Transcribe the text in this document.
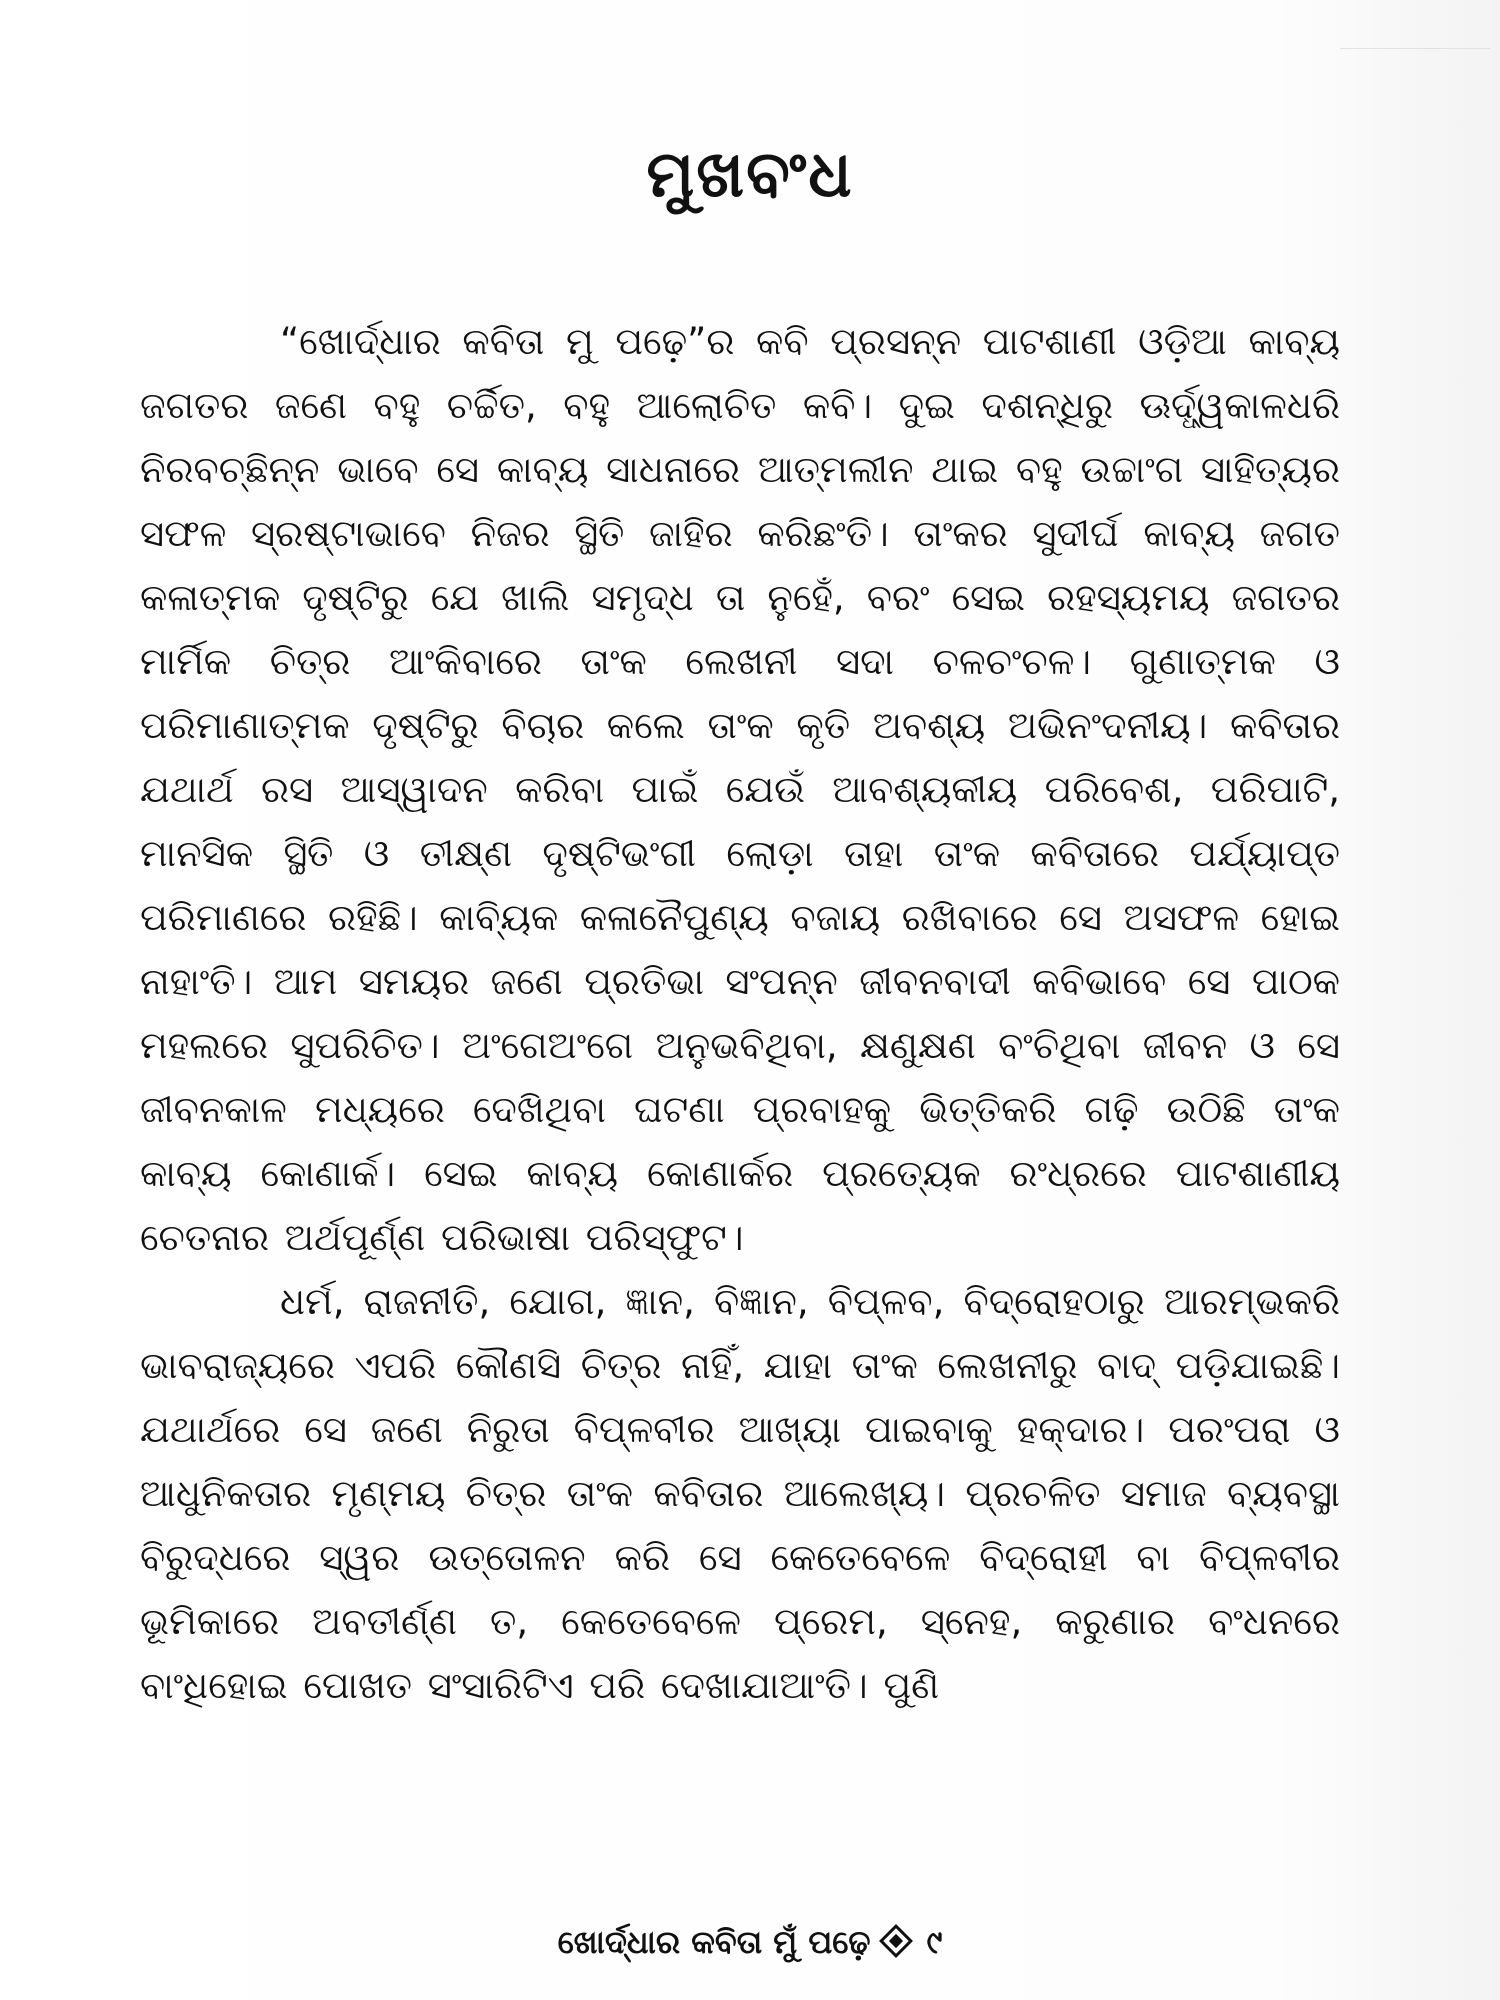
ମୁଖବଂଧ

“ଖୋର୍ଦ୍ଧାର କବିତା ମୁ ପଢ଼େ”ର କବି ପ୍ରସନ୍ନ ପାଟଶାଣୀ ଓଡ଼ିଆ କାବ୍ୟ ଜଗତର ଜଣେ ବହୁ ଚର୍ଚ୍ଚିତ, ବହୁ ଆଲୋଚିତ କବି। ଦୁଇ ଦଶନ୍ଧିରୁ ଊର୍ଦ୍ଧ୍ୱକାଳଧରି ନିରବଚ୍ଛିନ୍ନ ଭାବେ ସେ କାବ୍ୟ ସାଧନାରେ ଆତ୍ମଲୀନ ଥାଇ ବହୁ ଉଚ୍ଚାଂଗ ସାହିତ୍ୟର ସଫଳ ସ୍ରଷ୍ଟାଭାବେ ନିଜର ସ୍ଥିତି ଜାହିର କରିଛଂତି। ତାଂକର ସୁଦୀର୍ଘ କାବ୍ୟ ଜଗତ କଳାତ୍ମକ ଦୃଷ୍ଟିରୁ ଯେ ଖାଲି ସମୃଦ୍ଧ ତା ନୁହେଁ, ବରଂ ସେଇ ରହସ୍ୟମୟ ଜଗତର ମାର୍ମିକ ଚିତ୍ର ଆଂକିବାରେ ତାଂକ ଲେଖନୀ ସଦା ଚଳଚଂଚଳ। ଗୁଣାତ୍ମକ ଓ ପରିମାଣାତ୍ମକ ଦୃଷ୍ଟିରୁ ବିଚାର କଲେ ତାଂକ କୃତି ଅବଶ୍ୟ ଅଭିନଂଦନୀୟ। କବିତାର ଯଥାର୍ଥ ରସ ଆସ୍ୱାଦନ କରିବା ପାଇଁ ଯେଉଁ ଆବଶ୍ୟକୀୟ ପରିବେଶ, ପରିପାଟି, ମାନସିକ ସ୍ଥିତି ଓ ତୀକ୍ଷ୍ଣ ଦୃଷ୍ଟିଭଂଗୀ ଲୋଡ଼ା ତାହା ତାଂକ କବିତାରେ ପର୍ଯ୍ୟାପ୍ତ ପରିମାଣରେ ରହିଛି। କାବ୍ୟିକ କଳାନୈପୁଣ୍ୟ ବଜାୟ ରଖିବାରେ ସେ ଅସଫଳ ହୋଇ ନାହାଂତି। ଆମ ସମୟର ଜଣେ ପ୍ରତିଭା ସଂପନ୍ନ ଜୀବନବାଦୀ କବିଭାବେ ସେ ପାଠକ ମହଲରେ ସୁପରିଚିତ। ଅଂଗେଅଂଗେ ଅନୁଭବିଥିବା, କ୍ଷଣୁକ୍ଷଣ ବଂଚିଥିବା ଜୀବନ ଓ ସେ ଜୀବନକାଳ ମଧ୍ୟରେ ଦେଖିଥିବା ଘଟଣା ପ୍ରବାହକୁ ଭିତ୍ତିକରି ଗଢ଼ି ଉଠିଛି ତାଂକ କାବ୍ୟ କୋଣାର୍କ। ସେଇ କାବ୍ୟ କୋଣାର୍କର ପ୍ରତ୍ୟେକ ରଂଧ୍ରରେ ପାଟଶାଣୀୟ ଚେତନାର ଅର୍ଥପୂର୍ଣ୍ଣ ପରିଭାଷା ପରିସ୍ଫୁଟ।

ଧର୍ମ, ରାଜନୀତି, ଯୋଗ, ଜ୍ଞାନ, ବିଜ୍ଞାନ, ବିପ୍ଳବ, ବିଦ୍ରୋହଠାରୁ ଆରମ୍ଭକରି ଭାବରାଜ୍ୟରେ ଏପରି କୌଣସି ଚିତ୍ର ନାହିଁ, ଯାହା ତାଂକ ଲେଖନୀରୁ ବାଦ୍ ପଡ଼ିଯାଇଛି। ଯଥାର୍ଥରେ ସେ ଜଣେ ନିରୁତା ବିପ୍ଳବୀର ଆଖ୍ୟା ପାଇବାକୁ ହକ୍‌ଦାର। ପରଂପରା ଓ ଆଧୁନିକତାର ମୃଣ୍ମୟ ଚିତ୍ର ତାଂକ କବିତାର ଆଲେଖ୍ୟ। ପ୍ରଚଳିତ ସମାଜ ବ୍ୟବସ୍ଥା ବିରୁଦ୍ଧରେ ସ୍ୱର ଉତ୍ତୋଳନ କରି ସେ କେତେବେଳେ ବିଦ୍ରୋହୀ ବା ବିପ୍ଳବୀର ଭୂମିକାରେ ଅବତୀର୍ଣ୍ଣ ତ, କେତେବେଳେ ପ୍ରେମ, ସ୍ନେହ, କରୁଣାର ବଂଧନରେ ବାଂଧିହୋଇ ପୋଖତ ସଂସାରିଟିଏ ପରି ଦେଖାଯାଆଂତି। ପୁଣି

ଖୋର୍ଦ୍ଧାର କବିତା ମୁଁ ପଢ଼େ ୯
